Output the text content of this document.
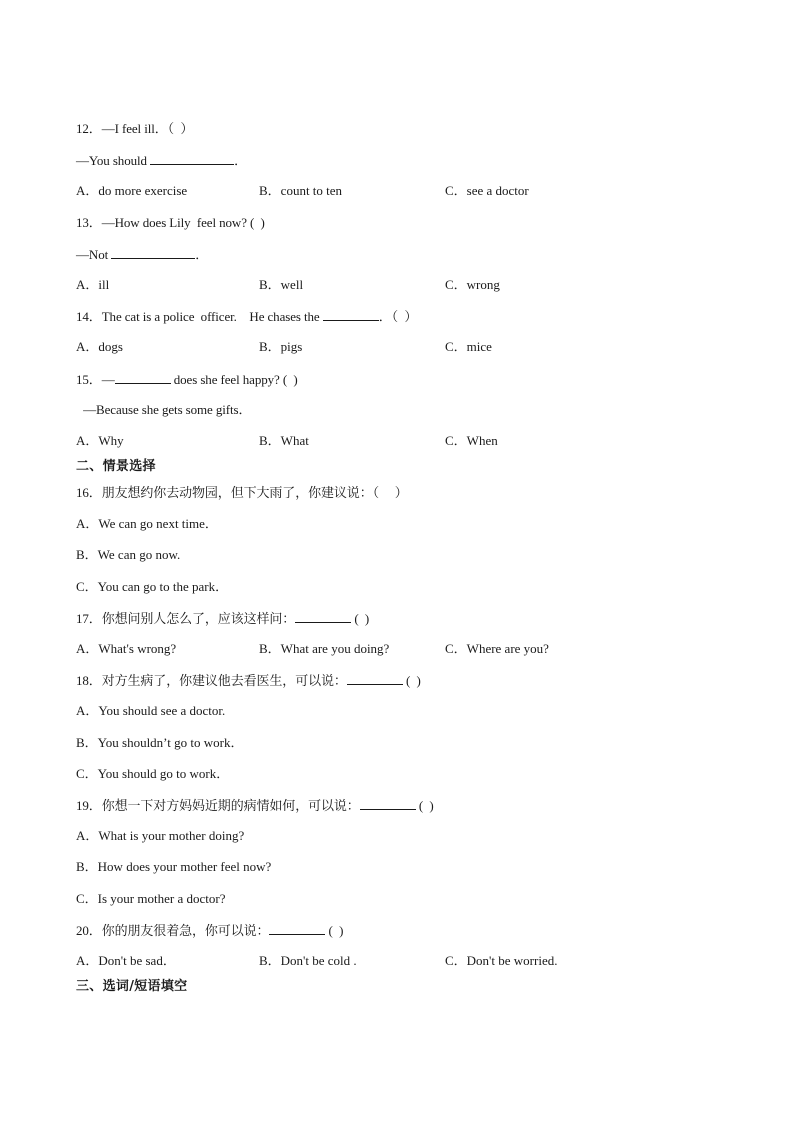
12．—I feel ill．（  ）
—You should	．
A．do more exercise	B．count to ten	C．see a doctor
13．—How does Lily  feel now? (  )
—Not	．
A．ill	B．well	C．wrong
14．The cat is a police  officer.    He chases the	．（  ）
A．dogs	B．pigs	C．mice
15．—	does she feel happy? (  )
—Because she gets some gifts．
A．Why	B．What	C．When
二、情景选择
16．朋友想约你去动物园，但下大雨了，你建议说：（     ）
A．We can go next time．
B．We can go now.
C．You can go to the park．
17．你想问别人怎么了，应该这样问：	(  )
A．What's wrong?	B．What are you doing?	C．Where are you?
18．对方生病了，你建议他去看医生，可以说：	(  )
A．You should see a doctor.
B．You shouldn’t go to work．
C．You should go to work．
19．你想一下对方妈妈近期的病情如何，可以说：	(  )
A．What is your mother doing?
B．How does your mother feel now?
C．Is your mother a doctor?
20．你的朋友很着急，你可以说：	(  )
A．Don't be sad．	B．Don't be cold .	C．Don't be worried.
三、选词/短语填空
